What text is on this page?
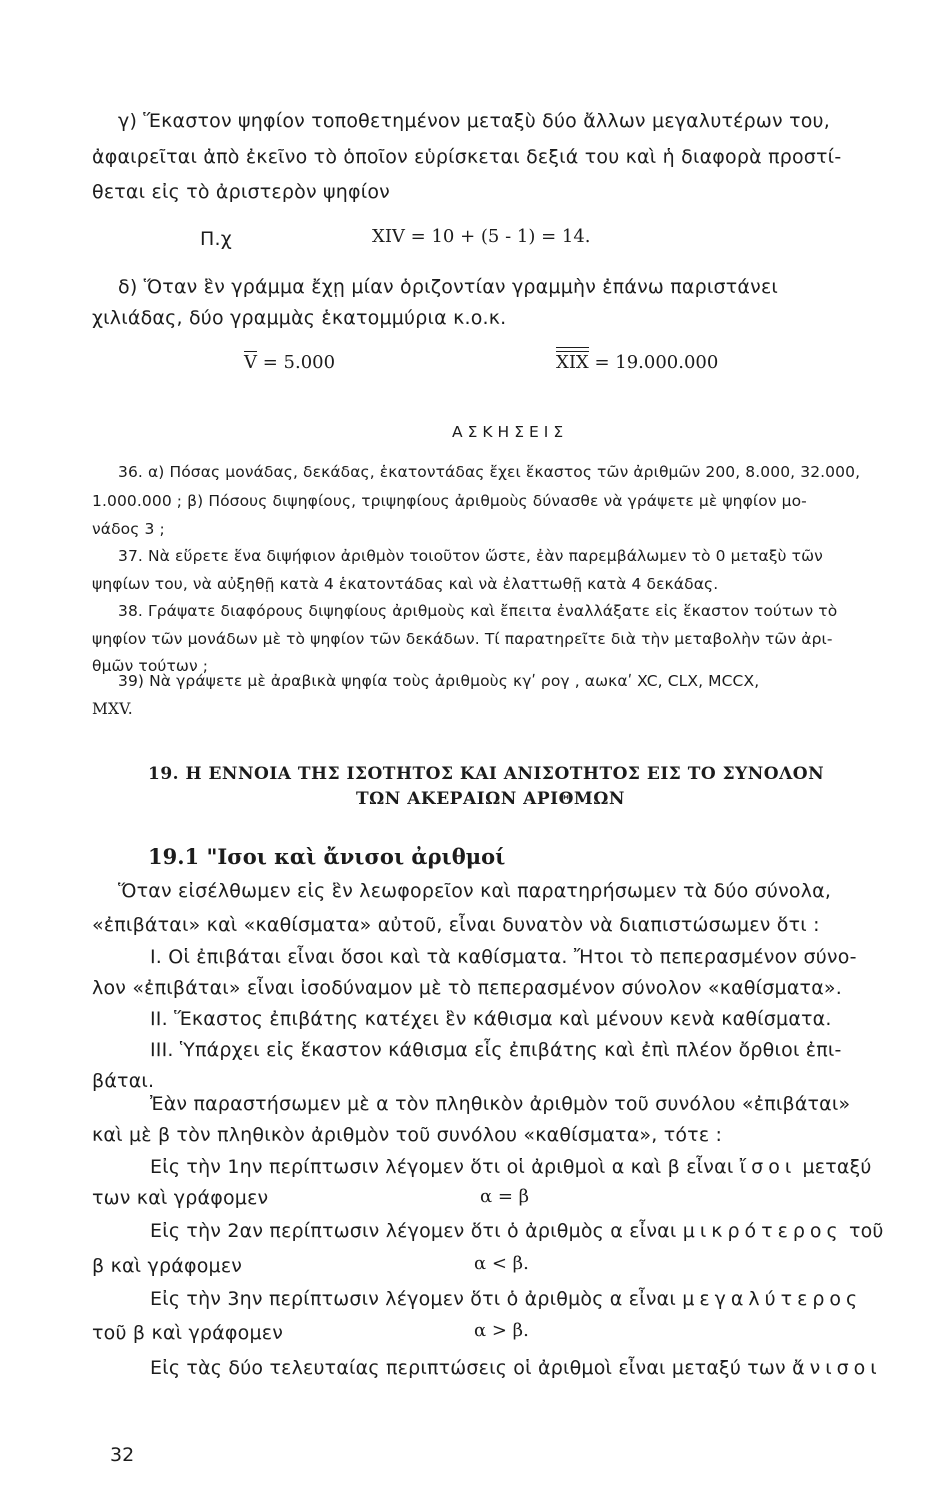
γ) Ἕκαστον ψηφίον τοποθετημένον μεταξὺ δύο ἄλλων μεγαλυτέρων του,

ἀφαιρεῖται ἀπὸ ἐκεῖνο τὸ ὁποῖον εὑρίσκεται δεξιά του καὶ ἡ διαφορὰ προστί-

θεται εἰς τὸ ἀριστερὸν ψηφίον

Π.χ	XIV = 10 + (5 - 1) = 14.

δ) Ὅταν ἓν γράμμα ἔχῃ μίαν ὁριζοντίαν γραμμὴν ἐπάνω παριστάνει

χιλιάδας, δύο γραμμὰς ἑκατομμύρια κ.ο.κ.

$\overline{V} = 5.000$	XIX = 19.000.000

ΑΣΚΗΣΕΙΣ

36. α) Πόσας μονάδας, δεκάδας, ἑκατοντάδας ἔχει ἕκαστος τῶν ἀριθμῶν 200, 8.000, 32.000,

1.000.000 ; β) Πόσους διψηφίους, τριψηφίους ἀριθμοὺς δύνασθε νὰ γράψετε μὲ ψηφίον μο-

νάδος 3 ;

37. Νὰ εὕρετε ἕνα διψήφιον ἀριθμὸν τοιοῦτον ὥστε, ἐὰν παρεμβάλωμεν τὸ 0 μεταξὺ τῶν

ψηφίων του, νὰ αὐξηθῇ κατὰ 4 ἑκατοντάδας καὶ νὰ ἐλαττωθῇ κατὰ 4 δεκάδας.

38. Γράψατε διαφόρους διψηφίους ἀριθμοὺς καὶ ἔπειτα ἐναλλάξατε εἰς ἕκαστον τούτων τὸ

ψηφίον τῶν μονάδων μὲ τὸ ψηφίον τῶν δεκάδων. Τί παρατηρεῖτε διὰ τὴν μεταβολὴν τῶν ἀρι-

θμῶν τούτων ;

39) Νὰ γράψετε μὲ ἀραβικὰ ψηφία τοὺς ἀριθμοὺς κγʹ ρογ , αωκαʹ XC, CLX, MCCX,

MXV.

19. Η ΕΝΝΟΙΑ ΤΗΣ ΙΣΟΤΗΤΟΣ ΚΑΙ ΑΝΙΣΟΤΗΤΟΣ ΕΙΣ ΤΟ ΣΥΝΟΛΟΝ

ΤΩΝ ΑΚΕΡΑΙΩΝ ΑΡΙΘΜΩΝ

19.1 "Ισοι καὶ ἄνισοι ἀριθμοί

Ὅταν εἰσέλθωμεν εἰς ἓν λεωφορεῖον καὶ παρατηρήσωμεν τὰ δύο σύνολα,

«ἐπιβάται» καὶ «καθίσματα» αὐτοῦ, εἶναι δυνατὸν νὰ διαπιστώσωμεν ὅτι :

Ι. Οἱ ἐπιβάται εἶναι ὅσοι καὶ τὰ καθίσματα. Ἤτοι τὸ πεπερασμένον σύνο-

λον «ἐπιβάται» εἶναι ἰσοδύναμον μὲ τὸ πεπερασμένον σύνολον «καθίσματα».

ΙΙ. Ἕκαστος ἐπιβάτης κατέχει ἓν κάθισμα καὶ μένουν κενὰ καθίσματα.

ΙΙΙ. Ὑπάρχει εἰς ἕκαστον κάθισμα εἷς ἐπιβάτης καὶ ἐπὶ πλέον ὄρθιοι ἐπι-

βάται.

Ἐὰν παραστήσωμεν μὲ α τὸν πληθικὸν ἀριθμὸν τοῦ συνόλου «ἐπιβάται»

καὶ μὲ β τὸν πληθικὸν ἀριθμὸν τοῦ συνόλου «καθίσματα», τότε :

Εἰς τὴν 1ην περίπτωσιν λέγομεν ὅτι οἱ ἀριθμοὶ α καὶ β εἶναι ἴσοι μεταξύ

των καὶ γράφομεν	α = β

Εἰς τὴν 2αν περίπτωσιν λέγομεν ὅτι ὁ ἀριθμὸς α εἶναι μικρότερος τοῦ

β καὶ γράφομεν	α < β.

Εἰς τὴν 3ην περίπτωσιν λέγομεν ὅτι ὁ ἀριθμὸς α εἶναι μεγαλύτερος

τοῦ β καὶ γράφομεν	α > β.

Εἰς τὰς δύο τελευταίας περιπτώσεις οἱ ἀριθμοὶ εἶναι μεταξύ των ἄνισοι

32
